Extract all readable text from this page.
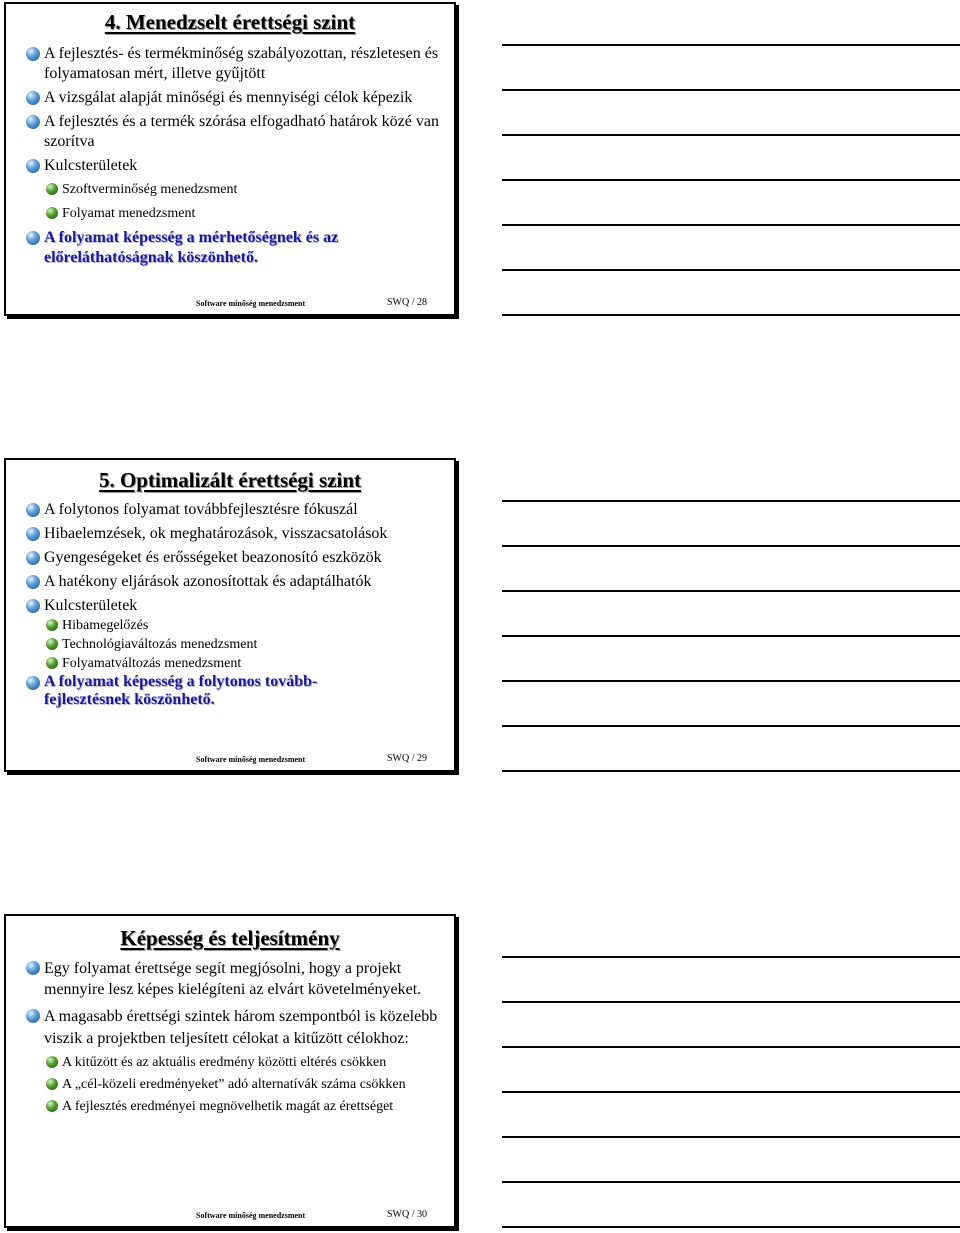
4. Menedzselt érettségi szint
A fejlesztés- és termékminőség szabályozottan, részletesen és folyamatosan mért, illetve gyűjtött
A vizsgálat alapját minőségi és mennyiségi célok képezik
A fejlesztés és a termék szórása elfogadható határok közé van szorítva
Kulcsterületek
Szoftverminőség menedzsment
Folyamat menedzsment
A folyamat képesség a mérhetőségnek és az előreláthatóságnak köszönhető.
Software minőség menedzsment	SWQ / 28
5. Optimalizált érettségi szint
A folytonos folyamat továbbfejlesztésre fókuszál
Hibaelemzések, ok meghatározások, visszacsatolások
Gyengeségeket és erősségeket beazonosító eszközök
A hatékony eljárások azonosítottak és adaptálhatók
Kulcsterületek
Hibamegelőzés
Technológiaváltozás menedzsment
Folyamatváltozás menedzsment
A folyamat képesség a folytonos tovább-fejlesztésnek köszönhető.
Software minőség menedzsment	SWQ / 29
Képesség és teljesítmény
Egy folyamat érettsége segít megjósolni, hogy a projekt mennyire lesz képes kielégíteni az elvárt követelményeket.
A magasabb érettségi szintek három szempontból is közelebb viszik a projektben teljesített célokat a kitűzött célokhoz:
A kitűzött és az aktuális eredmény közötti eltérés csökken
A „cél-közeli eredményeket” adó alternatívák száma csökken
A fejlesztés eredményei megnövelhetik magát az érettséget
Software minőség menedzsment	SWQ / 30
